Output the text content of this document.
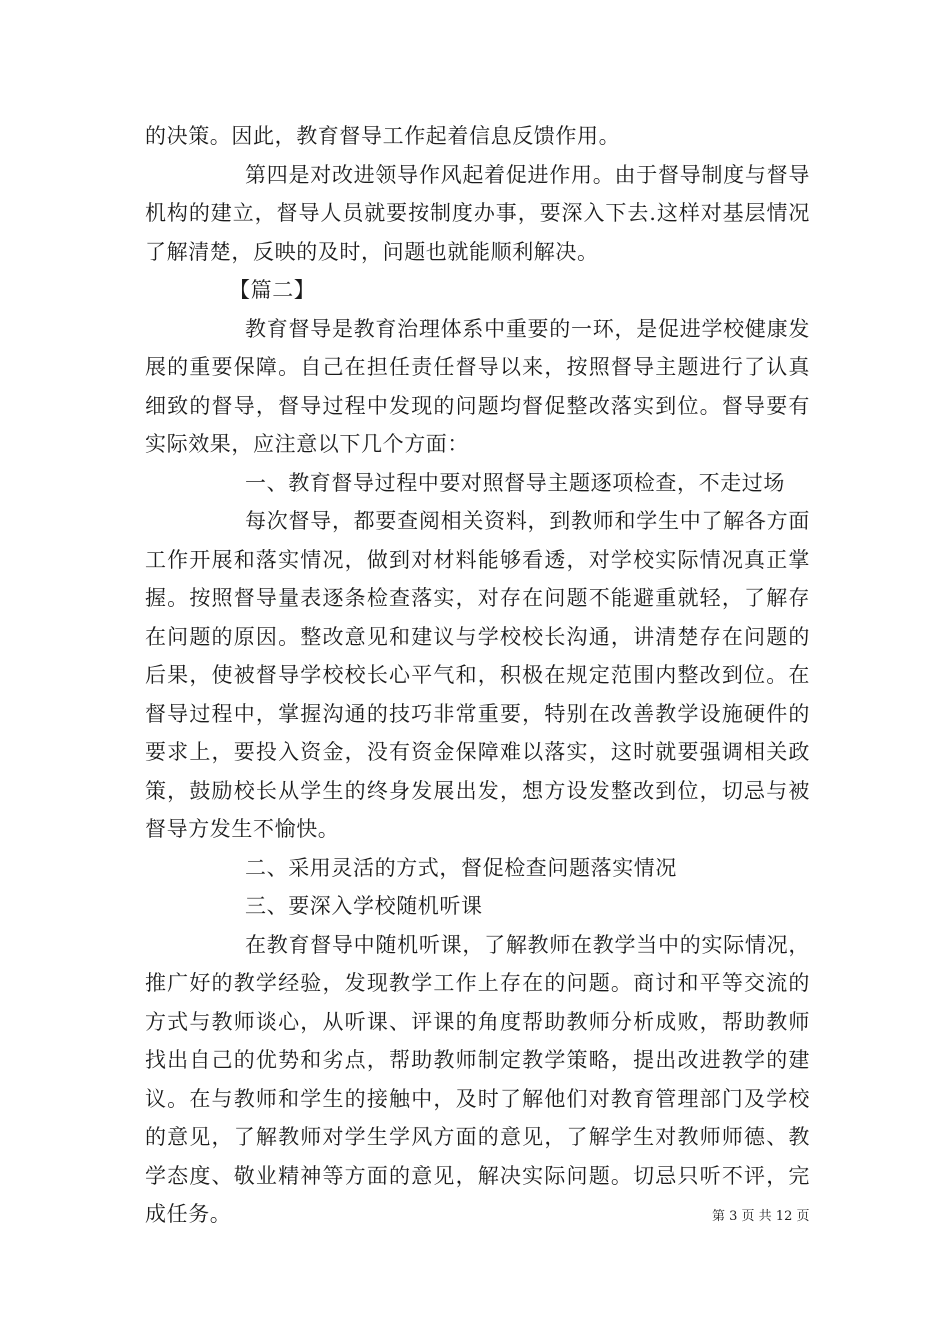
的决策。因此，教育督导工作起着信息反馈作用。

第四是对改进领导作风起着促进作用。由于督导制度与督导机构的建立，督导人员就要按制度办事，要深入下去.这样对基层情况了解清楚，反映的及时，问题也就能顺利解决。

【篇二】

教育督导是教育治理体系中重要的一环，是促进学校健康发展的重要保障。自己在担任责任督导以来，按照督导主题进行了认真细致的督导，督导过程中发现的问题均督促整改落实到位。督导要有实际效果，应注意以下几个方面：

一、教育督导过程中要对照督导主题逐项检查，不走过场

每次督导，都要查阅相关资料，到教师和学生中了解各方面工作开展和落实情况，做到对材料能够看透，对学校实际情况真正掌握。按照督导量表逐条检查落实，对存在问题不能避重就轻，了解存在问题的原因。整改意见和建议与学校校长沟通，讲清楚存在问题的后果，使被督导学校校长心平气和，积极在规定范围内整改到位。在督导过程中，掌握沟通的技巧非常重要，特别在改善教学设施硬件的要求上，要投入资金，没有资金保障难以落实，这时就要强调相关政策，鼓励校长从学生的终身发展出发，想方设发整改到位，切忌与被督导方发生不愉快。

二、采用灵活的方式，督促检查问题落实情况

三、要深入学校随机听课

在教育督导中随机听课，了解教师在教学当中的实际情况，推广好的教学经验，发现教学工作上存在的问题。商讨和平等交流的方式与教师谈心，从听课、评课的角度帮助教师分析成败，帮助教师找出自己的优势和劣点，帮助教师制定教学策略，提出改进教学的建议。在与教师和学生的接触中，及时了解他们对教育管理部门及学校的意见，了解教师对学生学风方面的意见，了解学生对教师师德、教学态度、敬业精神等方面的意见，解决实际问题。切忌只听不评，完成任务。	第 3 页 共 12 页
